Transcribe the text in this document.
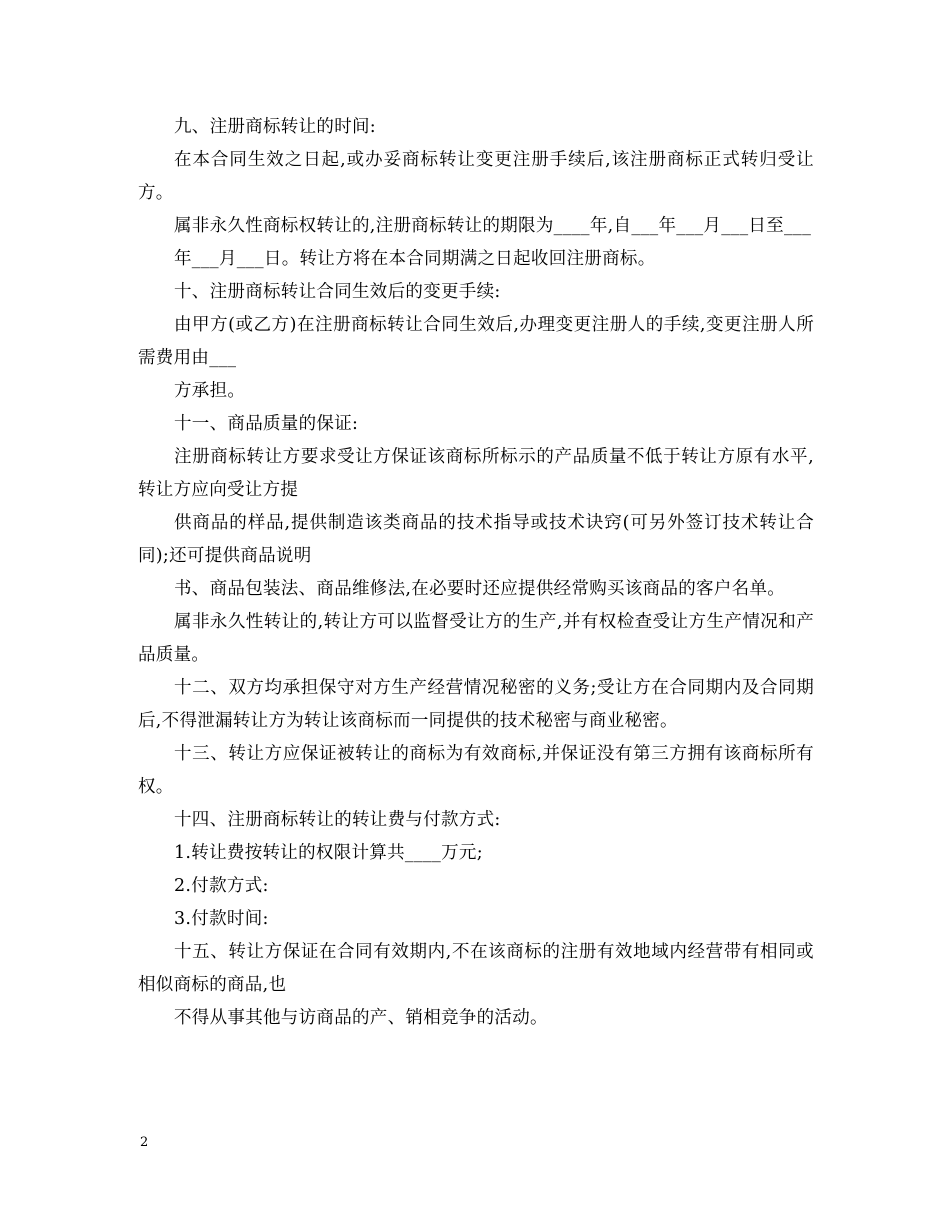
九、注册商标转让的时间:

在本合同生效之日起,或办妥商标转让变更注册手续后,该注册商标正式转归受让方。

属非永久性商标权转让的,注册商标转让的期限为____年,自___年___月___日至___

年___月___日。转让方将在本合同期满之日起收回注册商标。

十、注册商标转让合同生效后的变更手续:

由甲方(或乙方)在注册商标转让合同生效后,办理变更注册人的手续,变更注册人所需费用由___

方承担。

十一、商品质量的保证:

注册商标转让方要求受让方保证该商标所标示的产品质量不低于转让方原有水平,转让方应向受让方提

供商品的样品,提供制造该类商品的技术指导或技术诀窍(可另外签订技术转让合同);还可提供商品说明

书、商品包装法、商品维修法,在必要时还应提供经常购买该商品的客户名单。

属非永久性转让的,转让方可以监督受让方的生产,并有权检查受让方生产情况和产品质量。

十二、双方均承担保守对方生产经营情况秘密的义务;受让方在合同期内及合同期后,不得泄漏转让方为转让该商标而一同提供的技术秘密与商业秘密。

十三、转让方应保证被转让的商标为有效商标,并保证没有第三方拥有该商标所有权。

十四、注册商标转让的转让费与付款方式:

1.转让费按转让的权限计算共____万元;

2.付款方式:

3.付款时间:

十五、转让方保证在合同有效期内,不在该商标的注册有效地域内经营带有相同或相似商标的商品,也

不得从事其他与访商品的产、销相竞争的活动。

2
